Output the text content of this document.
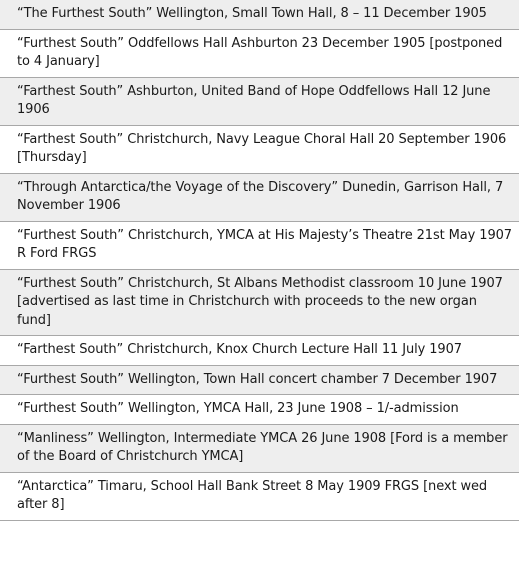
“The Furthest South” Wellington, Small Town Hall, 8 – 11 December 1905
“Furthest South” Oddfellows Hall Ashburton 23 December 1905 [postponed to 4 January]
“Farthest South” Ashburton, United Band of Hope Oddfellows Hall 12 June 1906
“Farthest South” Christchurch, Navy League Choral Hall 20 September 1906 [Thursday]
“Through Antarctica/the Voyage of the Discovery” Dunedin, Garrison Hall, 7 November 1906
“Furthest South” Christchurch, YMCA at His Majesty’s Theatre 21st May 1907 R Ford FRGS
“Furthest South” Christchurch, St Albans Methodist classroom 10 June 1907 [advertised as last time in Christchurch with proceeds to the new organ fund]
“Farthest South” Christchurch, Knox Church Lecture Hall 11 July 1907
“Furthest South” Wellington, Town Hall concert chamber 7 December 1907
“Furthest South” Wellington, YMCA Hall, 23 June 1908 – 1/-admission
“Manliness” Wellington, Intermediate YMCA 26 June 1908 [Ford is a member of the Board of Christchurch YMCA]
“Antarctica” Timaru, School Hall Bank Street 8 May 1909 FRGS [next wed after 8]
